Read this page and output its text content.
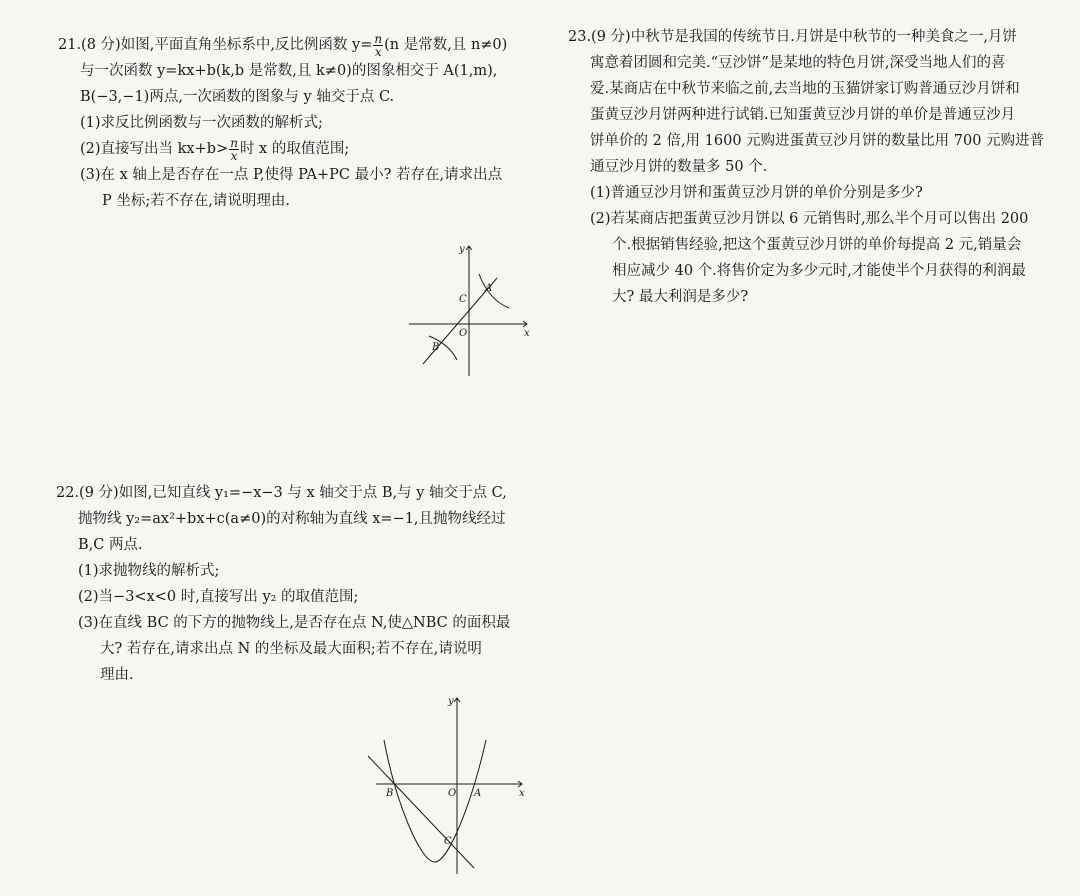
21.(8 分)如图,平面直角坐标系中,反比例函数 $y= \frac{n}{x} (n$ 是常数,且 n≠0)
与一次函数 y=kx+b(k,b 是常数,且 k≠0)的图象相交于 A(1,m),
B(−3,−1)两点,一次函数的图象与 y 轴交于点 C.
(1)求反比例函数与一次函数的解析式;
(2)直接写出当 $kx+b> \frac{n}{x}$ 时 x 的取值范围;
(3)在 x 轴上是否存在一点 P,使得 PA+PC 最小? 若存在,请求出点
P 坐标;若不存在,请说明理由.
y
x
O
A
B
C
22.(9 分)如图,已知直线 y₁=−x−3 与 x 轴交于点 B,与 y 轴交于点 C,
抛物线 y₂=ax²+bx+c(a≠0)的对称轴为直线 x=−1,且抛物线经过
B,C 两点.
(1)求抛物线的解析式;
(2)当−3<x<0 时,直接写出 y₂ 的取值范围;
(3)在直线 BC 的下方的抛物线上,是否存在点 N,使△NBC 的面积最
大? 若存在,请求出点 N 的坐标及最大面积;若不存在,请说明
理由.
y
x
O A
B
C
23.(9 分)中秋节是我国的传统节日.月饼是中秋节的一种美食之一,月饼
寓意着团圆和完美.“豆沙饼”是某地的特色月饼,深受当地人们的喜
爱.某商店在中秋节来临之前,去当地的玉猫饼家订购普通豆沙月饼和
蛋黄豆沙月饼两种进行试销.已知蛋黄豆沙月饼的单价是普通豆沙月
饼单价的 2 倍,用 1600 元购进蛋黄豆沙月饼的数量比用 700 元购进普
通豆沙月饼的数量多 50 个.
(1)普通豆沙月饼和蛋黄豆沙月饼的单价分别是多少?
(2)若某商店把蛋黄豆沙月饼以 6 元销售时,那么半个月可以售出 200
个.根据销售经验,把这个蛋黄豆沙月饼的单价每提高 2 元,销量会
相应减少 40 个.将售价定为多少元时,才能使半个月获得的利润最
大? 最大利润是多少?
